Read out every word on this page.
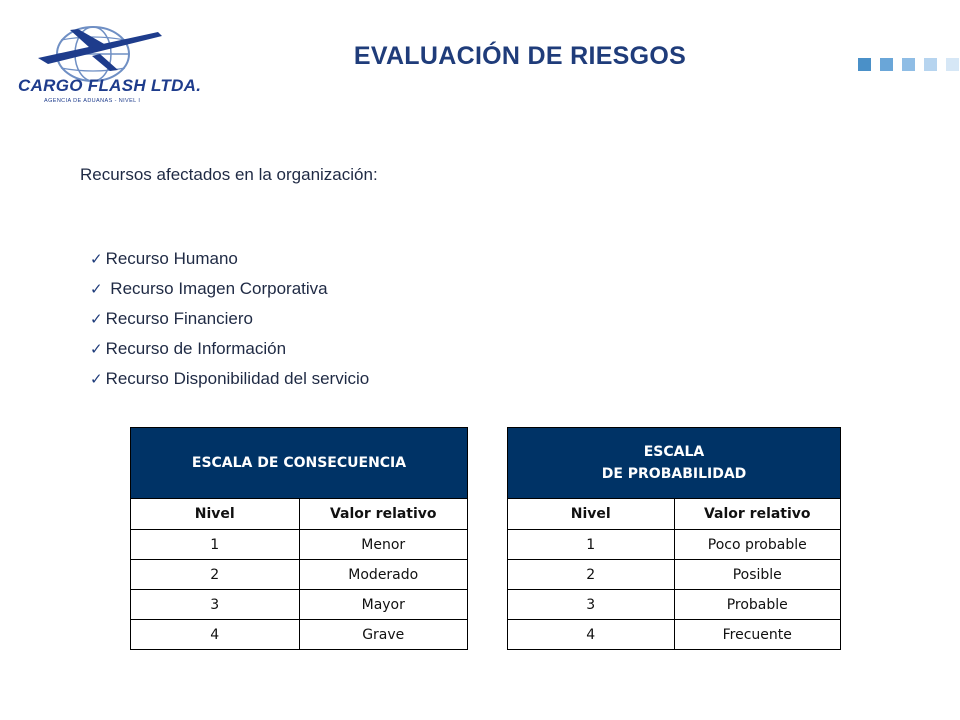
CARGO FLASH LTDA.
AGENCIA DE ADUANAS - NIVEL I
EVALUACIÓN DE RIESGOS
Recursos afectados en la organización:
✓ Recurso Humano
✓ Recurso Imagen Corporativa
✓ Recurso Financiero
✓ Recurso de Información
✓ Recurso Disponibilidad del servicio
ESCALA DE CONSECUENCIA	
Nivel	Valor relativo
1	Menor
2	Moderado
3	Mayor
4	Grave
ESCALA
DE PROBABILIDAD	

Nivel	Valor relativo
1	Poco probable
2	Posible
3	Probable
4	Frecuente
